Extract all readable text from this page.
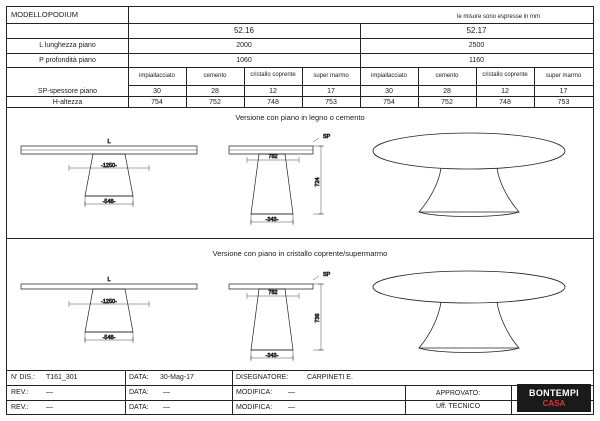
MODELLO:
PODIUM	le misure sono espresse in mm
52.16	52.17
L lunghezza piano	2000	2500
P profondità piano	1060	1160
impiallacciato	cemento	cristallo coprente	super marmo	impiallacciato	cemento	cristallo coprente	super marmo
SP-spessore piano	30	28	12	17	30	28	12	17
H-altezza	754	752	748	753	754	752	748	753
Versione con piano in legno o cemento
-1250-
-548-
L
782
-343-
724
SP
Versione con piano in cristallo coprente/supermarmo
-1250-
-548-
L
782
-343-
736
SP
N' DIS.: T161_301	DATA: 30-Mag-17	DISEGNATORE:	CARPINETI E.
REV.: —	DATA: —	MODIFICA: —
REV.: —	DATA: —	MODIFICA: —
APPROVATO:
Uff. TECNICO
BONTEMPI
CASA
